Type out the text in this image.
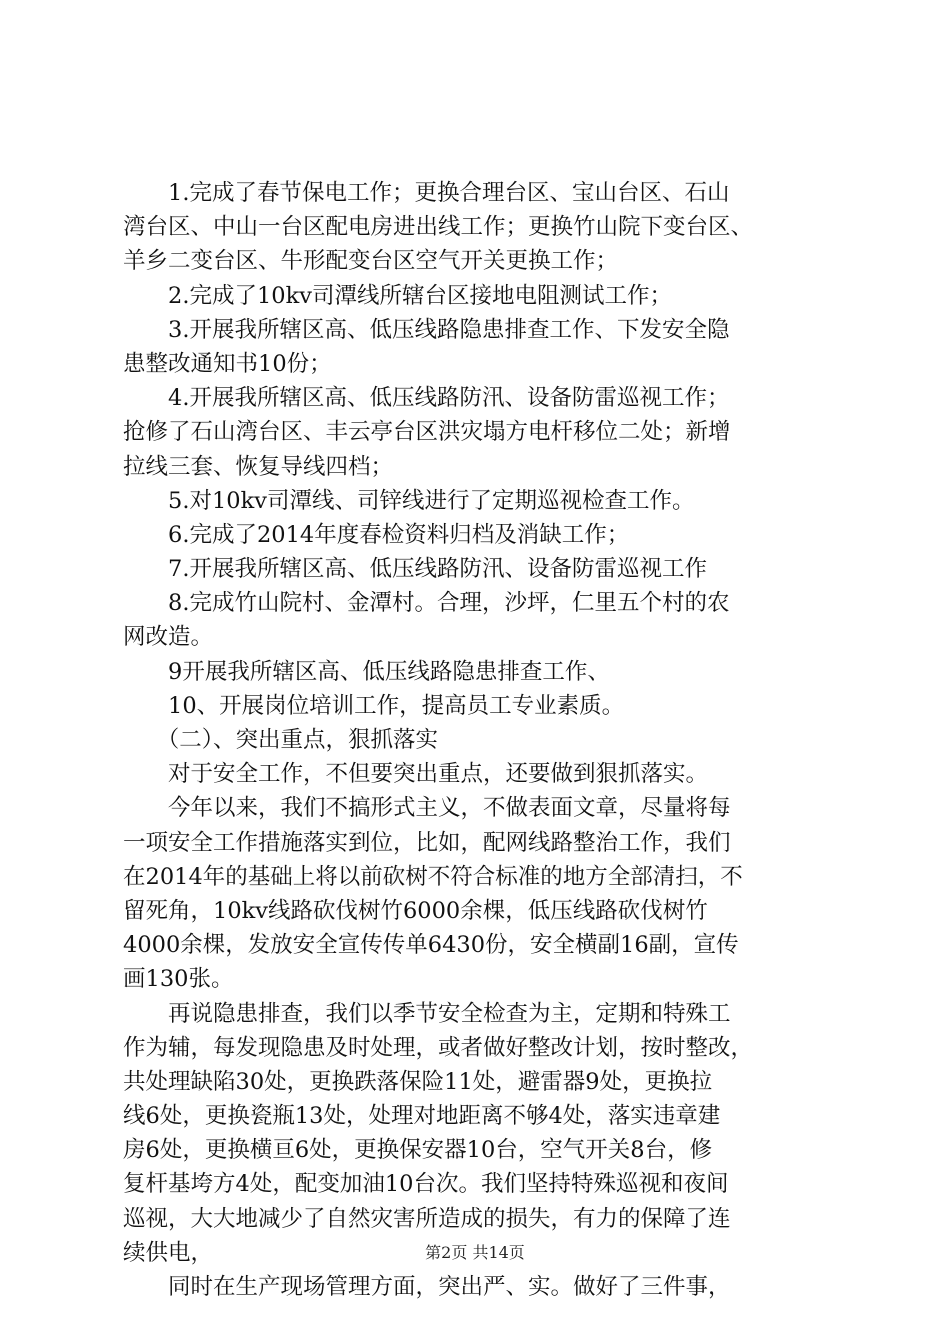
　　1.完成了春节保电工作；更换合理台区、宝山台区、石山
湾台区、中山一台区配电房进出线工作；更换竹山院下变台区、
羊乡二变台区、牛形配变台区空气开关更换工作；
　　2.完成了10kv司潭线所辖台区接地电阻测试工作；
　　3.开展我所辖区高、低压线路隐患排查工作、下发安全隐
患整改通知书10份；
　　4.开展我所辖区高、低压线路防汛、设备防雷巡视工作；
抢修了石山湾台区、丰云亭台区洪灾塌方电杆移位二处；新增
拉线三套、恢复导线四档；
　　5.对10kv司潭线、司锌线进行了定期巡视检查工作。
　　6.完成了2014年度春检资料归档及消缺工作；
　　7.开展我所辖区高、低压线路防汛、设备防雷巡视工作
　　8.完成竹山院村、金潭村。合理，沙坪，仁里五个村的农
网改造。
　　9开展我所辖区高、低压线路隐患排查工作、
　　10、开展岗位培训工作，提高员工专业素质。
　　（二）、突出重点，狠抓落实
　　对于安全工作，不但要突出重点，还要做到狠抓落实。
　　今年以来，我们不搞形式主义，不做表面文章，尽量将每
一项安全工作措施落实到位，比如，配网线路整治工作，我们
在2014年的基础上将以前砍树不符合标准的地方全部清扫，不
留死角，10kv线路砍伐树竹6000余棵，低压线路砍伐树竹
4000余棵，发放安全宣传传单6430份，安全横副16副，宣传
画130张。
　　再说隐患排查，我们以季节安全检查为主，定期和特殊工
作为辅，每发现隐患及时处理，或者做好整改计划，按时整改，
共处理缺陷30处，更换跌落保险11处，避雷器9处，更换拉
线6处，更换瓷瓶13处，处理对地距离不够4处，落实违章建
房6处，更换横亘6处，更换保安器10台，空气开关8台，修
复杆基垮方4处，配变加油10台次。我们坚持特殊巡视和夜间
巡视，大大地减少了自然灾害所造成的损失，有力的保障了连
续供电，
　　同时在生产现场管理方面，突出严、实。做好了三件事，
第2页 共14页
